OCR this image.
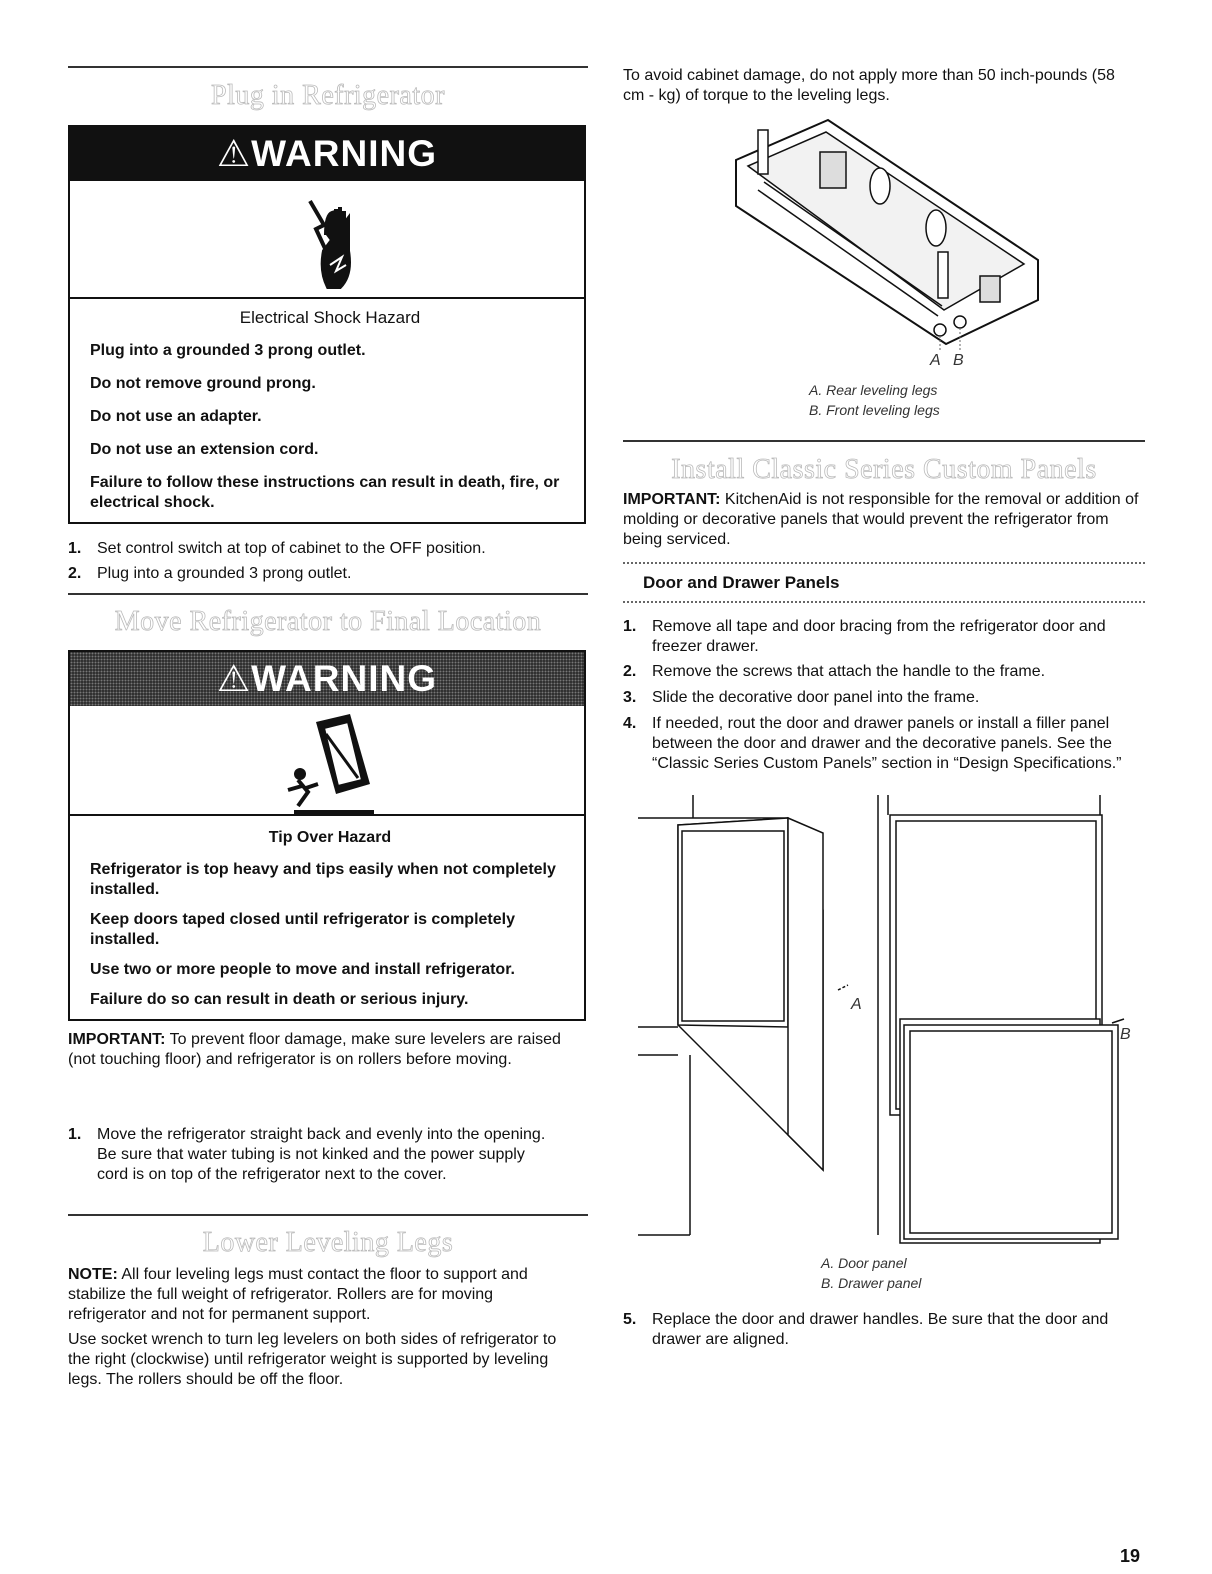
Plug in Refrigerator
⚠WARNING
Electrical Shock Hazard
Plug into a grounded 3 prong outlet.
Do not remove ground prong.
Do not use an adapter.
Do not use an extension cord.
Failure to follow these instructions can result in death, fire, or electrical shock.
1. Set control switch at top of cabinet to the OFF position.
2. Plug into a grounded 3 prong outlet.
Move Refrigerator to Final Location
⚠WARNING
Tip Over Hazard
Refrigerator is top heavy and tips easily when not completely installed.
Keep doors taped closed until refrigerator is completely installed.
Use two or more people to move and install refrigerator.
Failure do so can result in death or serious injury.
IMPORTANT: To prevent floor damage, make sure levelers are raised (not touching floor) and refrigerator is on rollers before moving.
1. Move the refrigerator straight back and evenly into the opening. Be sure that water tubing is not kinked and the power supply cord is on top of the refrigerator next to the cover.
Lower Leveling Legs
NOTE: All four leveling legs must contact the floor to support and stabilize the full weight of refrigerator. Rollers are for moving refrigerator and not for permanent support.
Use socket wrench to turn leg levelers on both sides of refrigerator to the right (clockwise) until refrigerator weight is supported by leveling legs. The rollers should be off the floor.
To avoid cabinet damage, do not apply more than 50 inch-pounds (58 cm - kg) of torque to the leveling legs.
A B
A. Rear leveling legs
B. Front leveling legs
Install Classic Series Custom Panels
IMPORTANT: KitchenAid is not responsible for the removal or addition of molding or decorative panels that would prevent the refrigerator from being serviced.
Door and Drawer Panels
1. Remove all tape and door bracing from the refrigerator door and freezer drawer.
2. Remove the screws that attach the handle to the frame.
3. Slide the decorative door panel into the frame.
4. If needed, rout the door and drawer panels or install a filler panel between the door and drawer and the decorative panels. See the “Classic Series Custom Panels” section in “Design Specifications.”
A
B
A. Door panel
B. Drawer panel
5. Replace the door and drawer handles. Be sure that the door and drawer are aligned.
19
